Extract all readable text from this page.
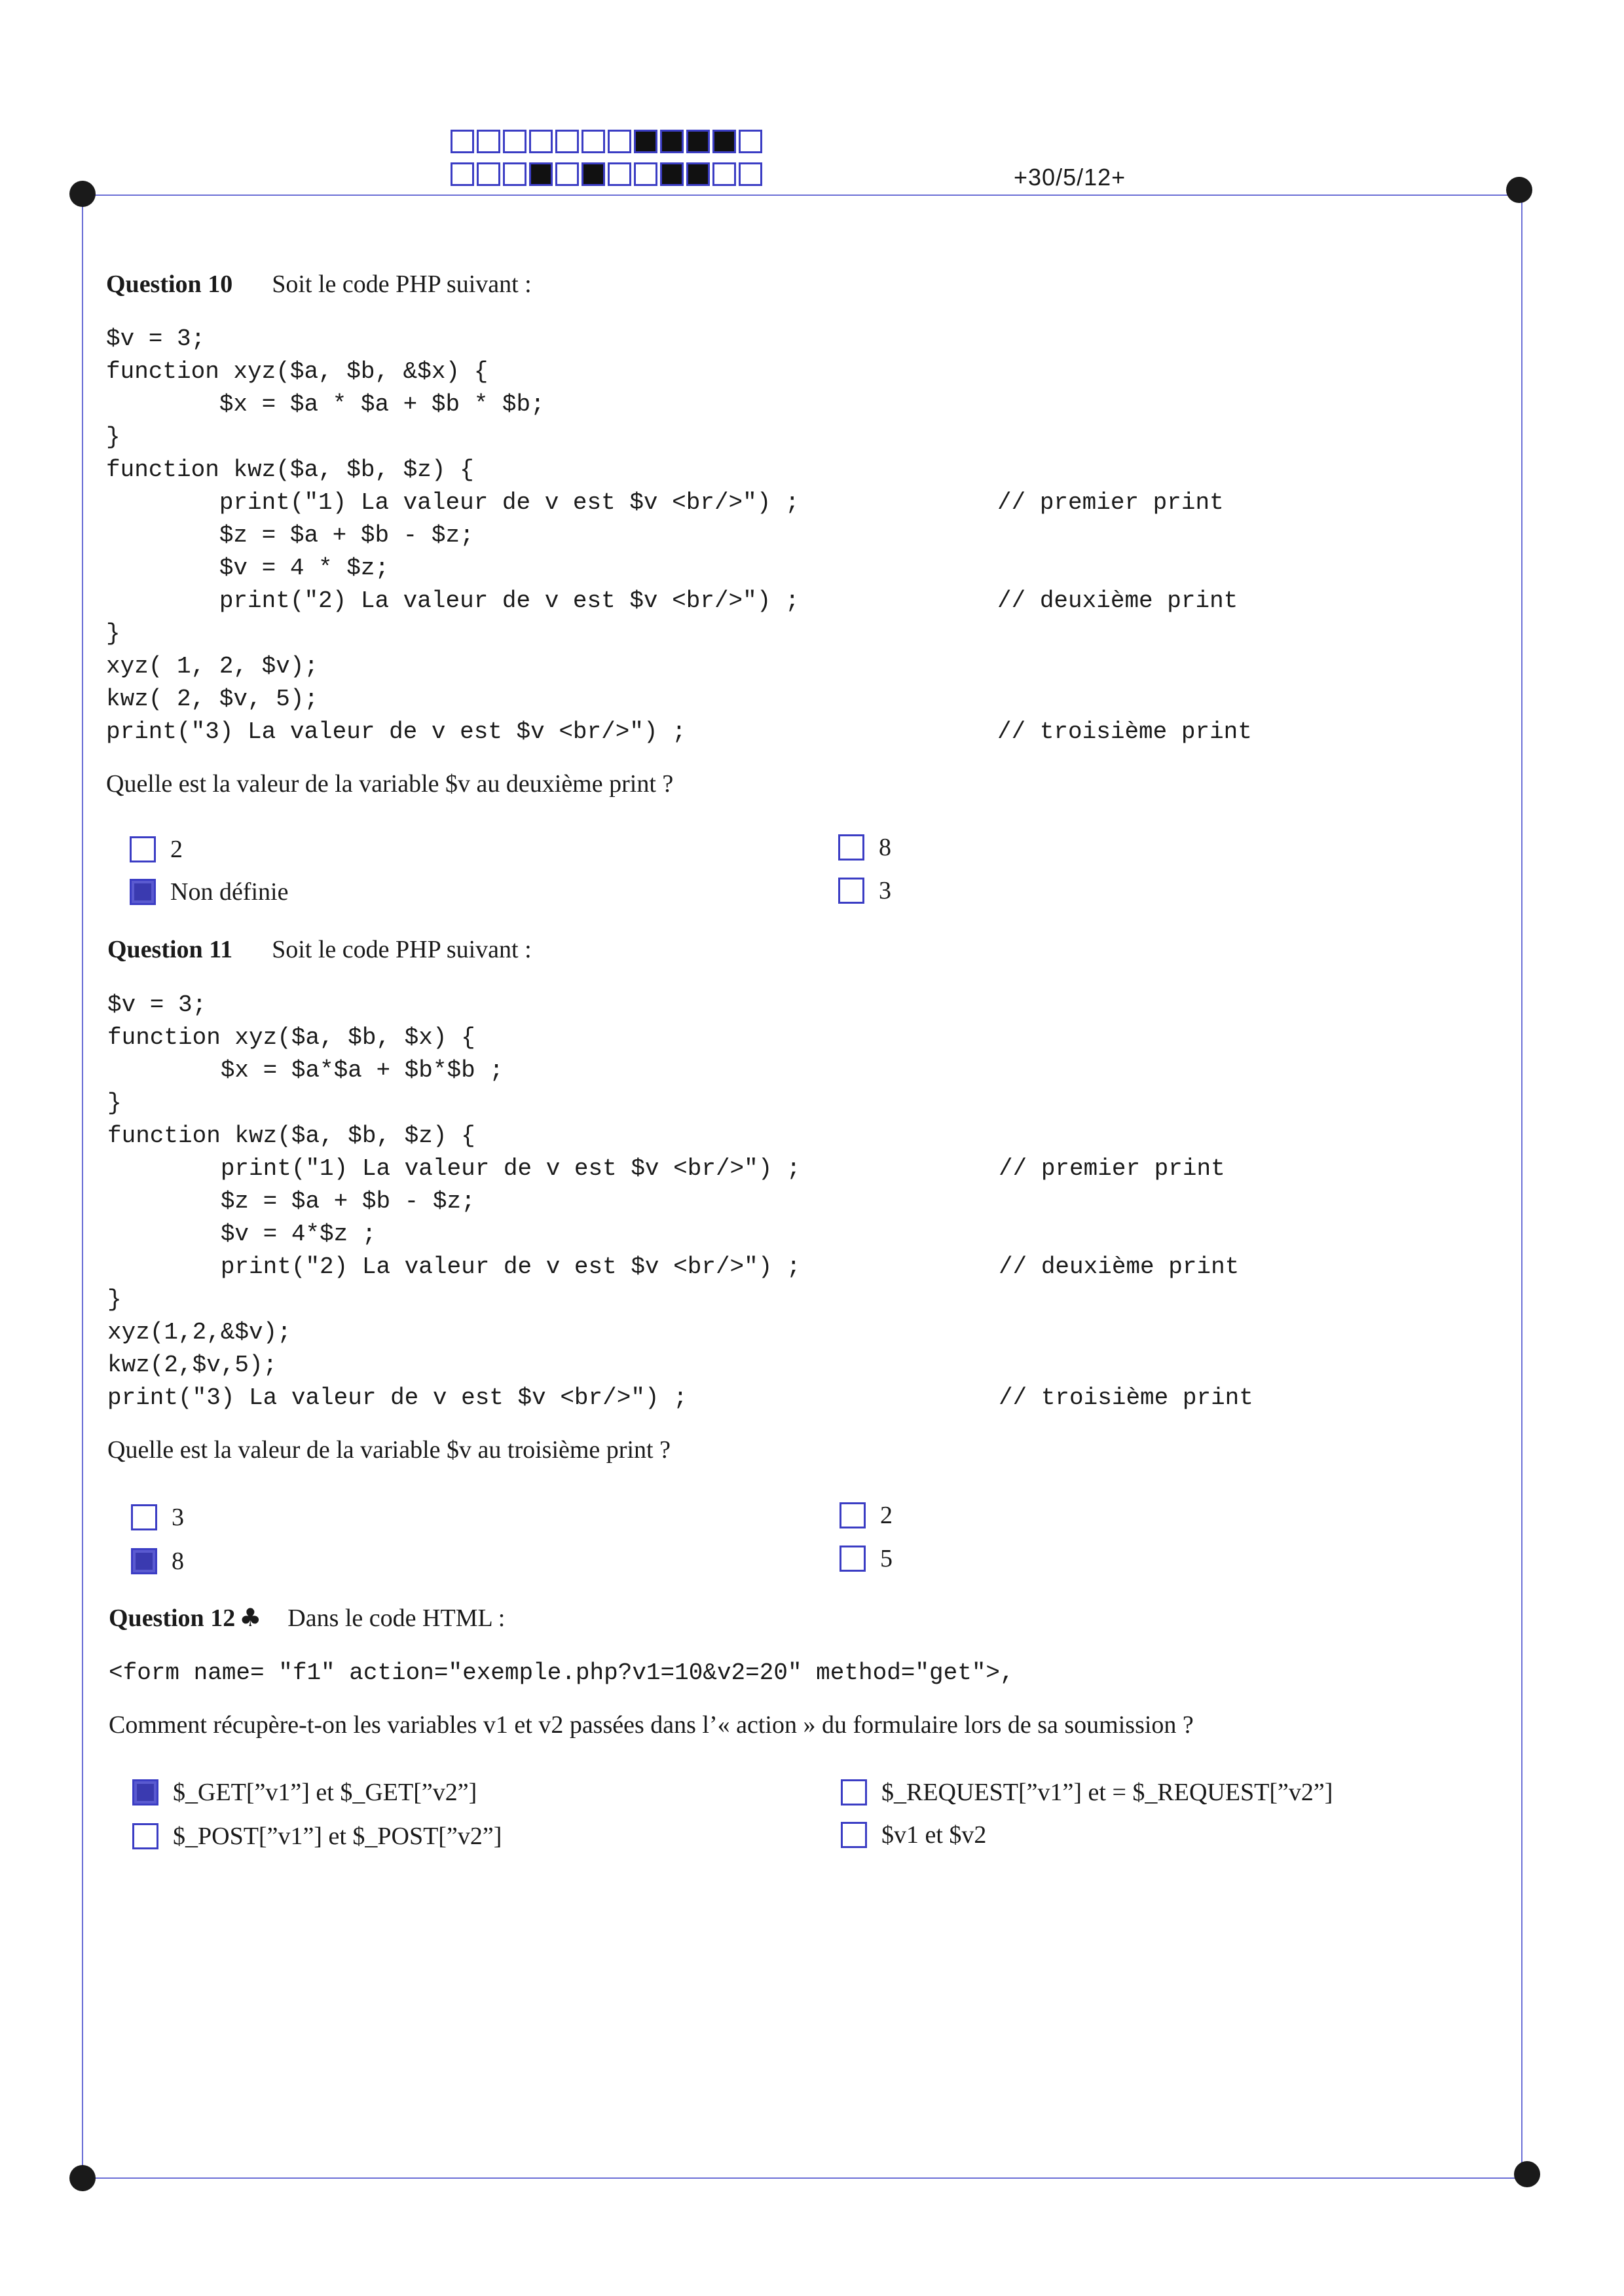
+30/5/12+
Question 10 Soit le code PHP suivant :
$v = 3;
function xyz($a, $b, &$x) {
$x = $a * $a + $b * $b;
}
function kwz($a, $b, $z) {
print("1) La valeur de v est $v <br/>") ;              // premier print
$z = $a + $b - $z;
$v = 4 * $z;
print("2) La valeur de v est $v <br/>") ;              // deuxième print
}
xyz( 1, 2, $v);
kwz( 2, $v, 5);
print("3) La valeur de v est $v <br/>") ;                      // troisième print
Quelle est la valeur de la variable $v au deuxième print ?
2
Non définie
8
3
Question 11 Soit le code PHP suivant :
$v = 3;
function xyz($a, $b, $x) {
$x = $a*$a + $b*$b ;
}
function kwz($a, $b, $z) {
print("1) La valeur de v est $v <br/>") ;              // premier print
$z = $a + $b - $z;
$v = 4*$z ;
print("2) La valeur de v est $v <br/>") ;              // deuxième print
}
xyz(1,2,&$v);
kwz(2,$v,5);
print("3) La valeur de v est $v <br/>") ;                      // troisième print
Quelle est la valeur de la variable $v au troisième print ?
3
8
2
5
Question 12 ♣ Dans le code HTML :
<form name= "f1" action="exemple.php?v1=10&v2=20" method="get">,
Comment récupère-t-on les variables v1 et v2 passées dans l’« action » du formulaire lors de sa soumission ?
$_GET[”v1”] et $_GET[”v2”]
$_POST[”v1”] et $_POST[”v2”]
$_REQUEST[”v1”] et = $_REQUEST[”v2”]
$v1 et $v2
